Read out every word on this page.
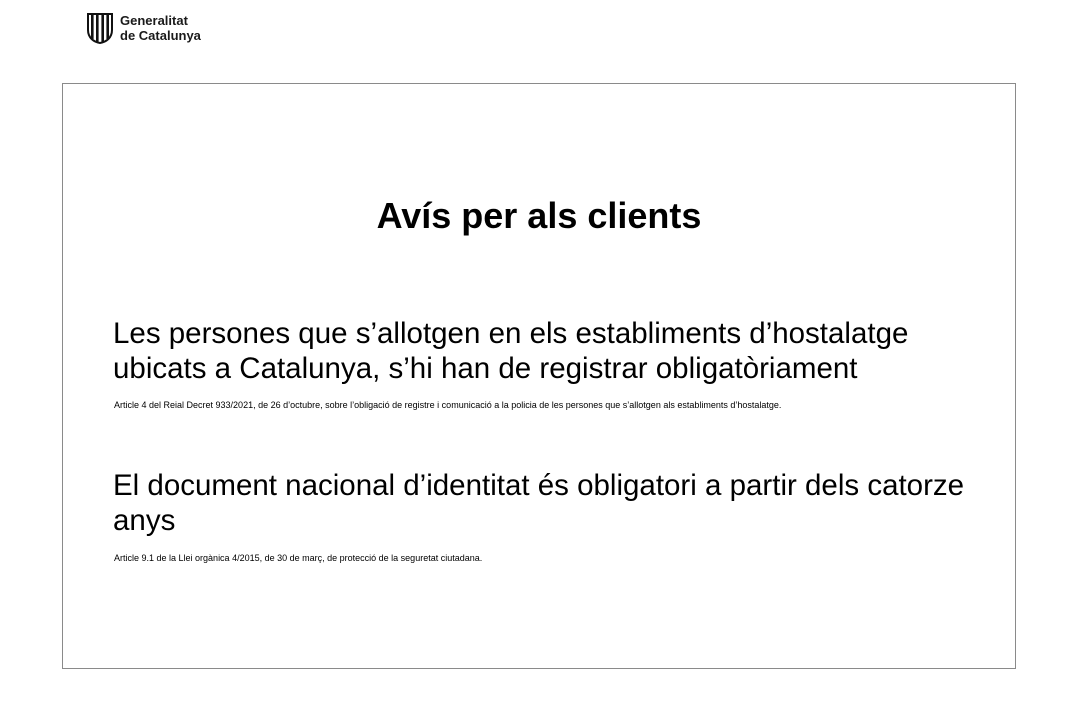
Generalitat
de Catalunya
Avís per als clients

Les persones que s’allotgen en els establiments d’hostalatge ubicats a Catalunya, s’hi han de registrar obligatòriament

Article 4 del Reial Decret 933/2021, de 26 d’octubre, sobre l’obligació de registre i comunicació a la policia de les persones que s’allotgen als establiments d’hostalatge.

El document nacional d’identitat és obligatori a partir dels catorze anys

Article 9.1 de la Llei orgànica 4/2015, de 30 de març, de protecció de la seguretat ciutadana.
